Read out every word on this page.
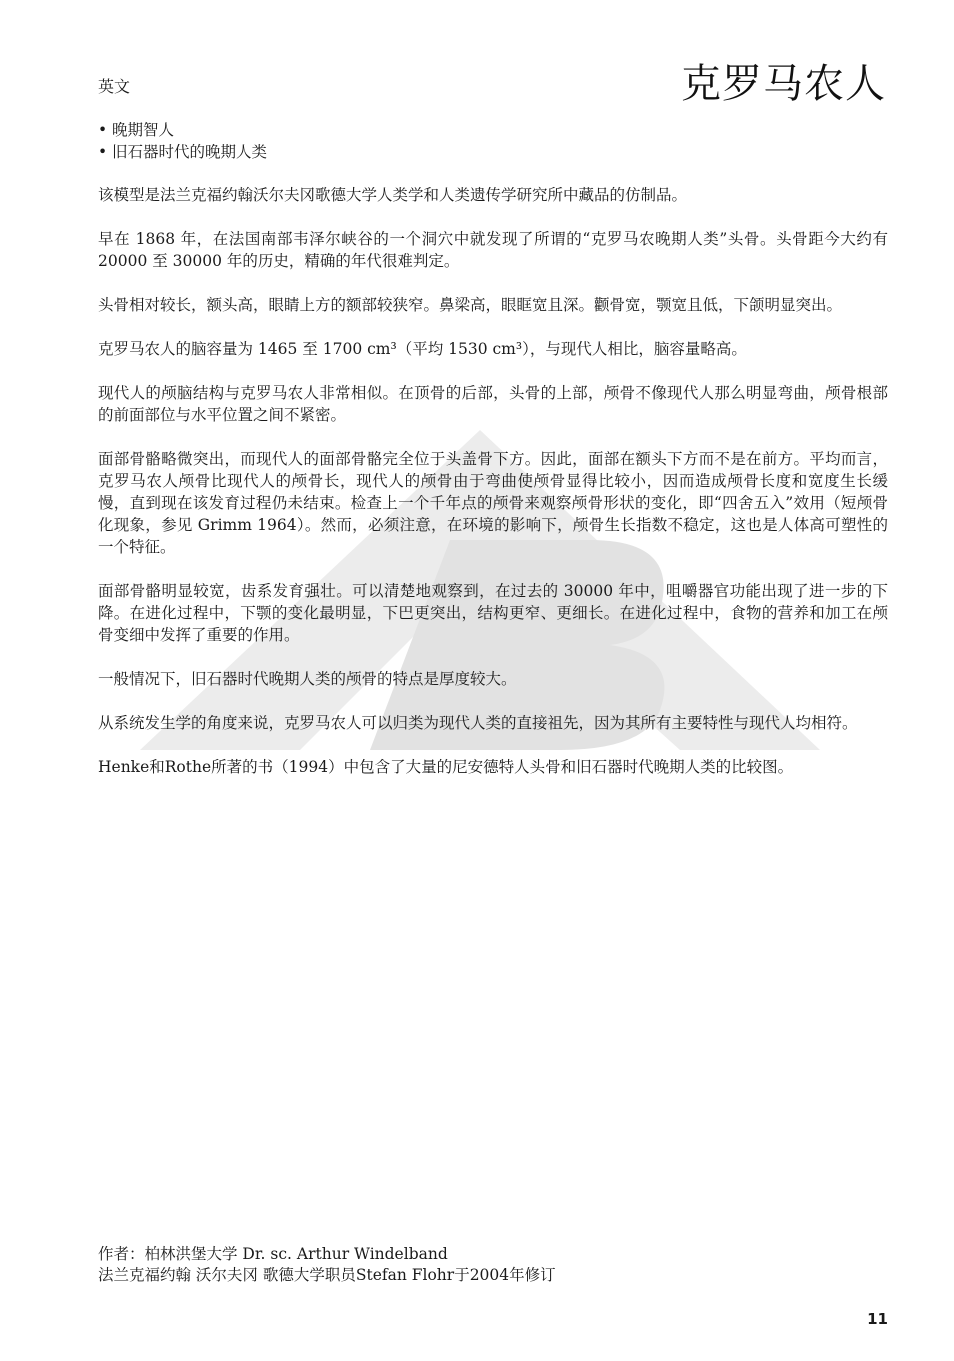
英文	克罗马农人
• 晚期智人
• 旧石器时代的晚期人类

该模型是法兰克福约翰沃尔夫冈歌德大学人类学和人类遗传学研究所中藏品的仿制品。

早在 1868 年，在法国南部韦泽尔峡谷的一个洞穴中就发现了所谓的“克罗马农晚期人类”头骨。头骨距今大约有 20000 至 30000 年的历史，精确的年代很难判定。

头骨相对较长，额头高，眼睛上方的额部较狭窄。鼻梁高，眼眶宽且深。颧骨宽，颚宽且低，下颌明显突出。

克罗马农人的脑容量为 1465 至 1700 cm³（平均 1530 cm³），与现代人相比，脑容量略高。

现代人的颅脑结构与克罗马农人非常相似。在顶骨的后部，头骨的上部，颅骨不像现代人那么明显弯曲，颅骨根部的前面部位与水平位置之间不紧密。

面部骨骼略微突出，而现代人的面部骨骼完全位于头盖骨下方。因此，面部在额头下方而不是在前方。平均而言，克罗马农人颅骨比现代人的颅骨长，现代人的颅骨由于弯曲使颅骨显得比较小，因而造成颅骨长度和宽度生长缓慢，直到现在该发育过程仍未结束。检查上一个千年点的颅骨来观察颅骨形状的变化，即“四舍五入”效用（短颅骨化现象，参见 Grimm 1964）。然而，必须注意，在环境的影响下，颅骨生长指数不稳定，这也是人体高可塑性的一个特征。

面部骨骼明显较宽，齿系发育强壮。可以清楚地观察到，在过去的 30000 年中，咀嚼器官功能出现了进一步的下降。在进化过程中，下颚的变化最明显，下巴更突出，结构更窄、更细长。在进化过程中，食物的营养和加工在颅骨变细中发挥了重要的作用。

一般情况下，旧石器时代晚期人类的颅骨的特点是厚度较大。

从系统发生学的角度来说，克罗马农人可以归类为现代人类的直接祖先，因为其所有主要特性与现代人均相符。

Henke和Rothe所著的书（1994）中包含了大量的尼安德特人头骨和旧石器时代晚期人类的比较图。

作者：柏林洪堡大学 Dr. sc. Arthur Windelband
法兰克福约翰 沃尔夫冈 歌德大学职员Stefan Flohr于2004年修订
11
